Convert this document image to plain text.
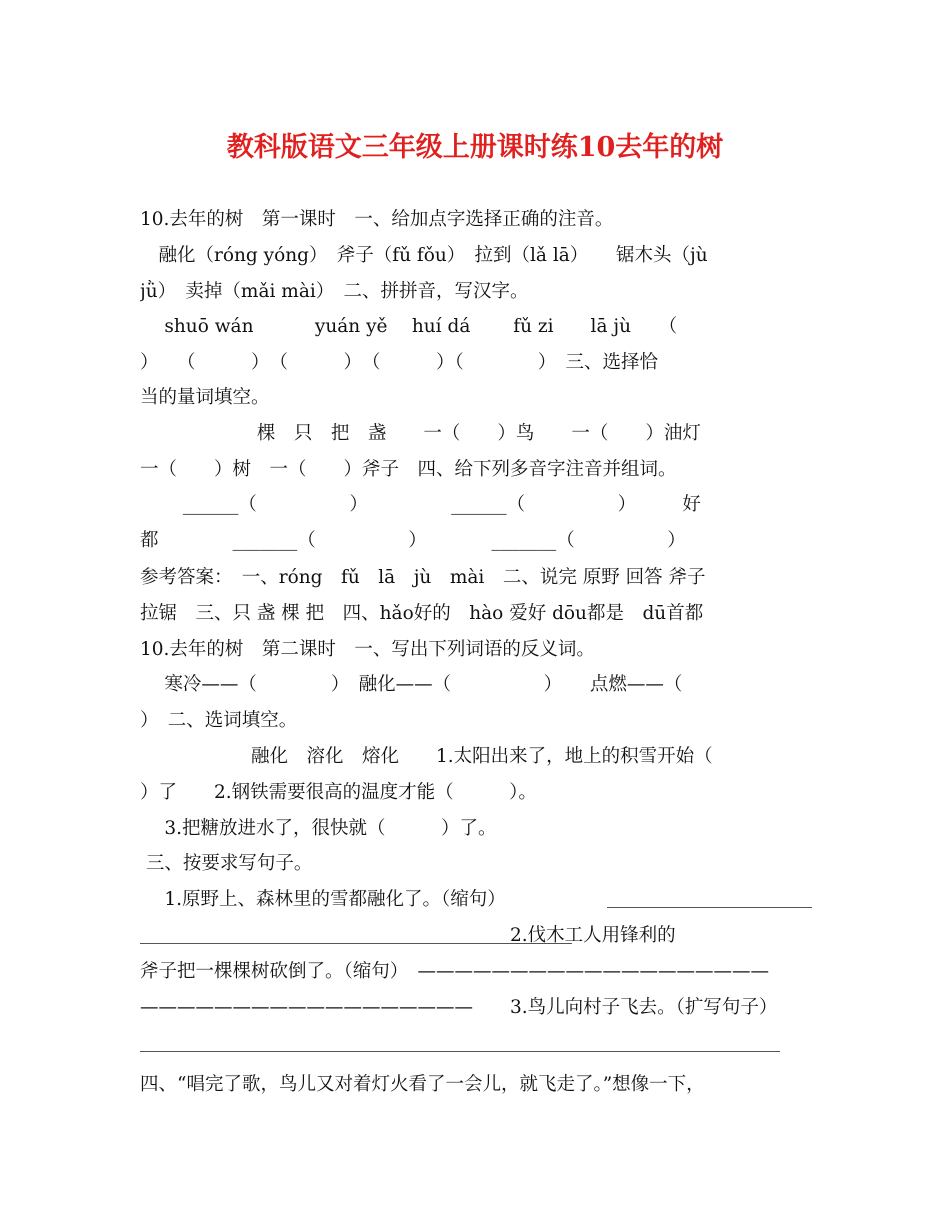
教科版语文三年级上册课时练10去年的树
10.去年的树　第一课时　一、给加点字选择正确的注音。
　融化（róng yóng）　斧子（fǔ fǒu）　拉到（lǎ lā）　　锯木头（jù
jǜ）　卖掉（mǎi mài）　二、拼拼音，写汉字。
　 shuō wán　　　 yuán yě　 huí dá　　 fǔ zi　　lā jù　　（
）　　（　　　）　（　　　）　（　　　）（　　　　）　三、选择恰
当的量词填空。
　　　　　　 棵　只　把　盏　　一（　　）鸟　　一（　　）油灯
一（　　）树　一（　　）斧子　四、给下列多音字注音并组词。
　　 ______（　　　　　）　　　　　______（　　　　　）　　　好
都　　　　_______（　　　　　）　　　　_______（　　　　　）
参考答案：　一、róng　fǔ　lā　jù　mài　二、说完 原野 回答 斧子
拉锯　三、只 盏 棵 把　四、hǎo好的　hào 爱好 dōu都是　dū首都
10.去年的树　第二课时　一、写出下列词语的反义词。
　 寒冷——（　　　　）　融化——（　　　　　）　　点燃——（
）　二、选词填空。
　　　　　　融化　溶化　熔化　　1.太阳出来了，地上的积雪开始（
）了　　2.钢铁需要很高的温度才能（　　　）。
　 3.把糖放进水了，很快就（　　　）了。
三、按要求写句子。
　 1.原野上、森林里的雪都融化了。（缩句）
　　　　　　　　　　　　　　　　　　　　2.伐木工人用锋利的
斧子把一棵棵树砍倒了。（缩句）　———————————————————
——————————————————　　3.鸟儿向村子飞去。（扩写句子）
四、“唱完了歌，鸟儿又对着灯火看了一会儿，就飞走了。”想像一下，
